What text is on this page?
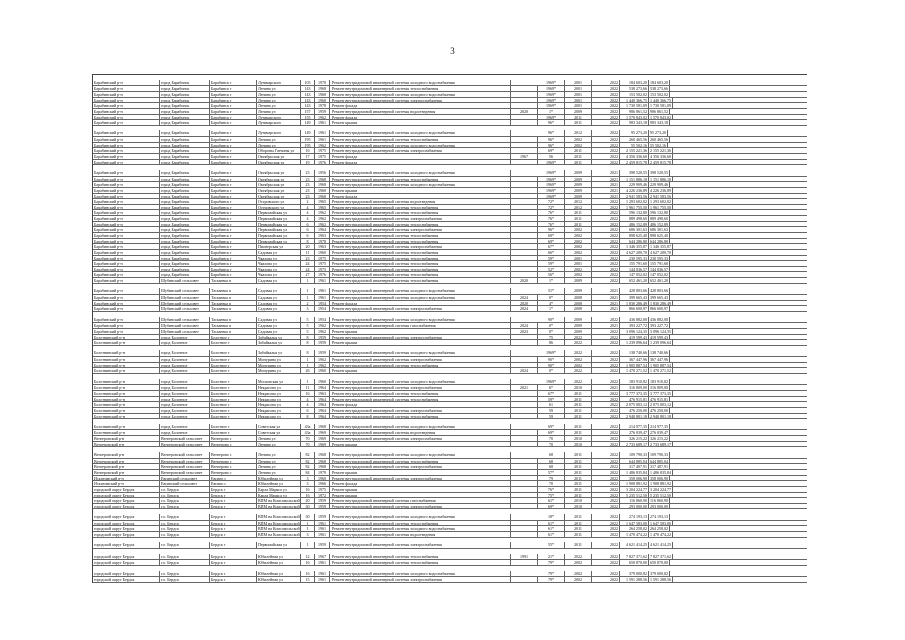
3
Барабинский р-н	город Барабинск	Барабинск г	Луначарского	103	1970	Ремонт внутридомовой инженерной системы холодного водоснабжения	1969*	2001	2022	184 603,20 184 603,20
Барабинский р-н	город Барабинск	Барабинск г	Ленина ул	143	1968	Ремонт внутридомовой инженерной системы теплоснабжения	1969*	2001	2022	538 273,66 538 273,66
Барабинский р-н	город Барабинск	Барабинск г	Ленина ул	143	1968	Ремонт внутридомовой инженерной системы холодного водоснабжения	1969*	2001	2022	153 502,02 153 502,02
Барабинский р-н	город Барабинск	Барабинск г	Ленина ул	143	1968	Ремонт внутридомовой инженерной системы электроснабжения	1969*	2001	2022	1 440 366,75 1 440 366,75
Барабинский р-н	город Барабинск	Барабинск г	Ленина ул	143	1978	Ремонт фасада	1969*	2001	2022	1 730 581,09 1 730 581,09
Барабинский р-н	город Барабинск	Барабинск г	Ленина ул	157	1959	Ремонт внутридомовой инженерной системы водоотведения	2020	1*	2009	2022	986 861,52 986 861,52
Барабинский р-н	город Барабинск	Барабинск г	Луначарского	155	1962	Ремонт фасада	1969*	2011	2022	1 570 843,02 1 570 843,02
Барабинский р-н	город Барабинск	Барабинск г	Луначарского	149	1961	Ремонт крыши	96*	2011	2022	983 343,18 983 343,18
Барабинский р-н	город Барабинск	Барабинск г	Луначарского	149	1961	Ремонт внутридомовой инженерной системы холодного водоснабжения	96*	2012	2022	95 273,20 95 273,20
Барабинский р-н	город Барабинск	Барабинск г	Ленина ул	195	1961	Ремонт внутридомовой инженерной системы теплоснабжения	96*	2002	2022	260 465,56 260 465,56
Барабинский р-н	город Барабинск	Барабинск г	Ленина ул	195	1962	Ремонт внутридомовой инженерной системы холодного водоснабжения	96*	2002	2022	55 502,16 55 502,16
Барабинский р-н	город Барабинск	Барабинск г	Обороны Гатчины ул	16	1975	Ремонт внутридомовой инженерной системы электроснабжения	69*	2011	2022	2 155 221,36 2 155 221,36
Барабинский р-н	город Барабинск	Барабинск г	Октябрьская ул	17	1975	Ремонт фасада	1967	56	2011	2022	4 356 336,60 4 356 336,60
Барабинский р-н	город Барабинск	Барабинск г	Октябрьская ул	19	1976	Ремонт фасада	1969*	2011	2022	2 459 815,78 2 459 815,78
Барабинский р-н	город Барабинск	Барабинск г	Октябрьская ул	23	1956	Ремонт внутридомовой инженерной системы холодного водоснабжения	1969*	2009	2021	398 520,55 398 520,55
Барабинский р-н	город Барабинск	Барабинск г	Октябрьская ул	23	1968	Ремонт внутридомовой инженерной системы теплоснабжения	1969*	2009	2021	1 151 886,18 1 151 886,18
Барабинский р-н	город Барабинск	Барабинск г	Октябрьская ул	23	1968	Ремонт внутридомовой инженерной системы холодного водоснабжения	1969*	2009	2021	229 909,46 229 909,46
Барабинский р-н	город Барабинск	Барабинск г	Октябрьская ул	23	1968	Ремонт крыши	1969*	2009	2021	4 226 236,89 4 226 236,89
Барабинский р-н	город Барабинск	Барабинск г	Октябрьская ул	23	1968	Ремонт фасада	1969*	2009	2021	2 941 583,56 2 941 583,56
Барабинский р-н	город Барабинск	Барабинск г	Островского ул	2	1965	Ремонт внутридомовой инженерной системы водоотведения	72*	2012	2022	1 293 602,02 1 293 602,02
Барабинский р-н	город Барабинск	Барабинск г	Островского ул	4	1965	Ремонт внутридомовой инженерной системы теплоснабжения	72*	2012	2022	1 961 755,50 1 961 755,50
Барабинский р-н	город Барабинск	Барабинск г	Первомайская ул	4	1962	Ремонт внутридомовой инженерной системы теплоснабжения	76*	2011	2022	596 132,80 596 132,80
Барабинский р-н	город Барабинск	Барабинск г	Первомайская ул	4	1962	Ремонт внутридомовой инженерной системы электроснабжения	76*	2011	2022	889 498,60 889 498,60
Барабинский р-н	город Барабинск	Барабинск г	Первомайская ул	6	1962	Ремонт внутридомовой инженерной системы теплоснабжения	76*	2011	2022	486 152,89 486 152,89
Барабинский р-н	город Барабинск	Барабинск г	Первомайская ул	6	1964	Ремонт внутридомовой инженерной системы электроснабжения	96*	2002	2022	686 301,63 686 301,63
Барабинский р-н	город Барабинск	Барабинск г	Первомайская ул	6	1963	Ремонт внутридомовой инженерной системы теплоснабжения	69*	2002	2022	898 625,40 898 625,40
Барабинский р-н	город Барабинск	Барабинск г	Первомайская ул	8	1978	Ремонт внутридомовой инженерной системы теплоснабжения	69*	2002	2022	644 286,80 644 286,80
Барабинский р-н	город Барабинск	Барабинск г	Пионерская ул	20	1963	Ремонт внутридомовой инженерной системы электроснабжения	67*	2002	2022	1 346 355,87 1 346 355,87
Барабинский р-н	город Барабинск	Барабинск г	Садовая ул	11	1960	Ремонт внутридомовой инженерной системы теплоснабжения	66*	2002	2022	4 627 200,70 4 627 200,70
Барабинский р-н	город Барабинск	Барабинск г	Чкалова ул	23	1975	Ремонт внутридомовой инженерной системы теплоснабжения	59*	2001	2022	230 595,33 230 595,33
Барабинский р-н	город Барабинск	Барабинск г	Чкалова ул	24	1975	Ремонт внутридомовой инженерной системы теплоснабжения	59*	2001	2022	155 791,60 155 791,60
Барабинский р-н	город Барабинск	Барабинск г	Чкалова ул	24	1975	Ремонт внутридомовой инженерной системы теплоснабжения	52*	2002	2022	144 036,57 144 036,57
Барабинский р-н	город Барабинск	Барабинск г	Чкалова ул	27	1976	Ремонт внутридомовой инженерной системы теплоснабжения	56*	2002	2022	147 052,02 147 052,02
Барабинский р-н	Шубинский сельсовет	Таскаевка п	Садовая ул	1	1961	Ремонт внутридомовой инженерной системы теплоснабжения	2020	1*	2009	2022	652 461,20 652 461,20
Барабинский р-н	Шубинский сельсовет	Таскаевка п	Садовая ул	1	1961	Ремонт внутридомовой инженерной системы холодного водоснабжения	51*	2009	2021	428 803,66 428 803,66
Барабинский р-н	Шубинский сельсовет	Таскаевка п	Садовая ул	1	1961	Ремонт внутридомовой инженерной системы холодного водоснабжения	2024	0*	2008	2021	399 665,43 399 665,43
Барабинский р-н	Шубинский сельсовет	Таскаевка п	Садовая ул	2	1954	Ремонт фасада	2020	4*	2008	2021	1 830 286,49 1 830 286,49
Барабинский р-н	Шубинский сельсовет	Таскаевка п	Садовая ул	3	1954	Ремонт внутридомовой инженерной системы электроснабжения	2024	1*	2008	2021	866 600,97 866 600,97
Барабинский р-н	Шубинский сельсовет	Таскаевка п	Садовая ул	5	1954	Ремонт внутридомовой инженерной системы холодного водоснабжения	90*	2009	2022	436 882,00 436 882,00
Барабинский р-н	Шубинский сельсовет	Таскаевка п	Садовая ул	5	1962	Ремонт внутридомовой инженерной системы газоснабжения	2024	0*	2009	2021	393 227,72 393 227,72
Барабинский р-н	Шубинский сельсовет	Таскаевка п	Садовая ул	5	1962	Ремонт крыши	2023	0*	2009	2022	3 096 124,35 3 096 124,35
Болотнинский р-н	город Болотное	Болотное г	Забайкалья ул	8	1959	Ремонт внутридомовой инженерной системы электроснабжения	75	2022	2022	419 599,43 419 599,43
Болотнинский р-н	город Болотное	Болотное г	Забайкалья ул	8	1959	Ремонт крыши	86	2022	2022	1 239 096,64 1 239 096,64
Болотнинский р-н	город Болотное	Болотное г	Забайкалья ул	8	1959	Ремонт внутридомовой инженерной системы холодного водоснабжения	1969*	2022	2022	138 740,66 138 740,66
Болотнинский р-н	город Болотное	Болотное г	Мичурина ул	1	1962	Ремонт внутридомовой инженерной системы электроснабжения	90*	2002	2022	367 447,96 367 447,96
Болотнинский р-н	город Болотное	Болотное г	Мичурина ул	1	1962	Ремонт внутридомовой инженерной системы теплоснабжения	90*	2002	2022	1 905 887,54 1 905 887,54
Болотнинский р-н	город Болотное	Болотное г	Мичурина ул	26	1960	Ремонт крыши	2024	0*	2022	2022	1 470 271,52 1 470 271,52
Болотнинский р-н	город Болотное	Болотное г	Московская ул	1	1960	Ремонт внутридомовой инженерной системы холодного водоснабжения	1969*	2022	2022	183 910,82 183 910,82
Болотнинский р-н	город Болотное	Болотное г	Некрасова ул	11	1964	Ремонт внутридомовой инженерной системы электроснабжения	2021	6*	2010	2021	316 809,00 316 809,00
Болотнинский р-н	город Болотное	Болотное г	Некрасова ул	16	1963	Ремонт внутридомовой инженерной системы теплоснабжения	67*	2011	2022	3 777 373,35 3 777 373,35
Болотнинский р-н	город Болотное	Болотное г	Некрасова ул	4	1964	Ремонт внутридомовой инженерной системы теплоснабжения	59*	2011	2022	476 915,81 476 915,81
Болотнинский р-н	город Болотное	Болотное г	Некрасова ул	4	1964	Ремонт фасада	61	2011	2022	2 075 003,12 2 075 003,12
Болотнинский р-н	город Болотное	Болотное г	Некрасова ул	6	1964	Ремонт внутридомовой инженерной системы электроснабжения	59	2011	2022	476 250,00 476 250,00
Болотнинский р-н	город Болотное	Болотное г	Некрасова ул	8	1964	Ремонт внутридомовой инженерной системы теплоснабжения	59	2011	2022	2 940 801,18 2 940 801,18
Болотнинский р-н	город Болотное	Болотное г	Советская ул	43a	1968	Ремонт внутридомовой инженерной системы холодного водоснабжения	69*	2011	2022	214 977,35 214 977,35
Болотнинский р-н	город Болотное	Болотное г	Советская ул	43a	1969	Ремонт внутридомовой инженерной системы водоотведения	69*	2011	2022	276 039,47 276 039,47
Венгеровский р-н	Венгеровский сельсовет	Венгерово с	Ленина ул	70	1969	Ремонт внутридомовой инженерной системы электроснабжения	70	2010	2022	326 215,22 326 215,22
Венгеровский р-н	Венгеровский сельсовет	Венгерово с	Ленина ул	70	1969	Ремонт крыши	70	2010	2022	2 733 689,17 2 733 689,17
Венгеровский р-н	Венгеровский сельсовет	Венгерово с	Ленина ул	82	1968	Ремонт внутридомовой инженерной системы холодного водоснабжения	68	2011	2022	109 790,33 109 790,33
Венгеровский р-н	Венгеровский сельсовет	Венгерово с	Ленина ул	82	1968	Ремонт внутридомовой инженерной системы теплоснабжения	68	2011	2022	644 885,04 644 885,04
Венгеровский р-н	Венгеровский сельсовет	Венгерово с	Ленина ул	82	1968	Ремонт внутридомовой инженерной системы электроснабжения	68	2011	2022	317 407,91 317 407,91
Венгеровский р-н	Венгеровский сельсовет	Венгерово с	Ленина ул	84	1979	Ремонт крыши	57*	2011	2022	1 486 835,84 1 486 835,84
Искитимский р-н	Евсинский сельсовет	Евсино с	Юбилейная ул	3	1960	Ремонт внутридомовой инженерной системы электроснабжения	79	2011	2022	358 006,90 358 006,90
Искитимский р-н	Евсинский сельсовет	Евсино с	Юбилейная ул	3	1966	Ремонт фасада	70	2011	2022	1 908 881,92 1 908 881,92
городской округ Бердск	г.о. Бердск	Бердск г	Карла Маркса ул	16	1975	Ремонт крыши	76*	2011	2022	3 204 224,77 3 204 224,77
городской округ Бердск	г.о. Бердск	Бердск г	Карла Маркса ул	16	1972	Ремонт крыши	75*	2011	2022	5 235 512,50 5 235 512,50
городской округ Бердск	г.о. Бердск	Бердск г	ВПМ на Комсомольской	20	1959	Ремонт внутридомовой инженерной системы газоснабжения	61*	2010	2022	116 860,90 116 860,90
городской округ Бердск	г.о. Бердск	Бердск г	ВПМ на Комсомольской	30	1959	Ремонт внутридомовой инженерной системы электроснабжения	69*	2010	2022	293 000,00 293 000,00
городской округ Бердск	г.о. Бердск	Бердск г	ВПМ на Комсомольской	30	1959	Ремонт внутридомовой инженерной системы холодного водоснабжения	18*	2011	2022	274 193,13 274 193,13
городской округ Бердск	г.о. Бердск	Бердск г	ВПМ на Комсомольской	1	1961	Ремонт внутридомовой инженерной системы теплоснабжения	61*	2011	2022	1 647 583,00 1 647 583,00
городской округ Бердск	г.о. Бердск	Бердск г	ВПМ на Комсомольской	1	1961	Ремонт внутридомовой инженерной системы холодного водоснабжения	61*	2011	2022	264 258,02 264 258,02
городской округ Бердск	г.о. Бердск	Бердск г	ВПМ на Комсомольской	3	1961	Ремонт внутридомовой инженерной системы водоотведения	61*	2011	2022	1 470 474,22 1 470 474,22
городской округ Бердск	г.о. Бердск	Бердск г	Первомайская ул	1	1959	Ремонт внутридомовой инженерной системы электроснабжения	55*	2011	2022	4 621 414,25 4 621 414,25
городской округ Бердск	г.о. Бердск	Бердск г	Юбилейная ул	12	1967	Ремонт внутридомовой инженерной системы теплоснабжения	1991	21*	2022	2022	7 827 371,62 7 827 371,62
городской округ Бердск	г.о. Бердск	Бердск г	Юбилейная ул	16	1961	Ремонт внутридомовой инженерной системы теплоснабжения	79*	2002	2022	650 870,00 650 870,00
городской округ Бердск	г.о. Бердск	Бердск г	Юбилейная ул	16	1961	Ремонт внутридомовой инженерной системы холодного водоснабжения	79*	2002	2022	379 000,82 379 000,82
городской округ Бердск	г.о. Бердск	Бердск г	Юбилейная ул	15	1961	Ремонт внутридомовой инженерной системы электроснабжения	79*	2002	2022	1 591 288,56 1 591 288,56
